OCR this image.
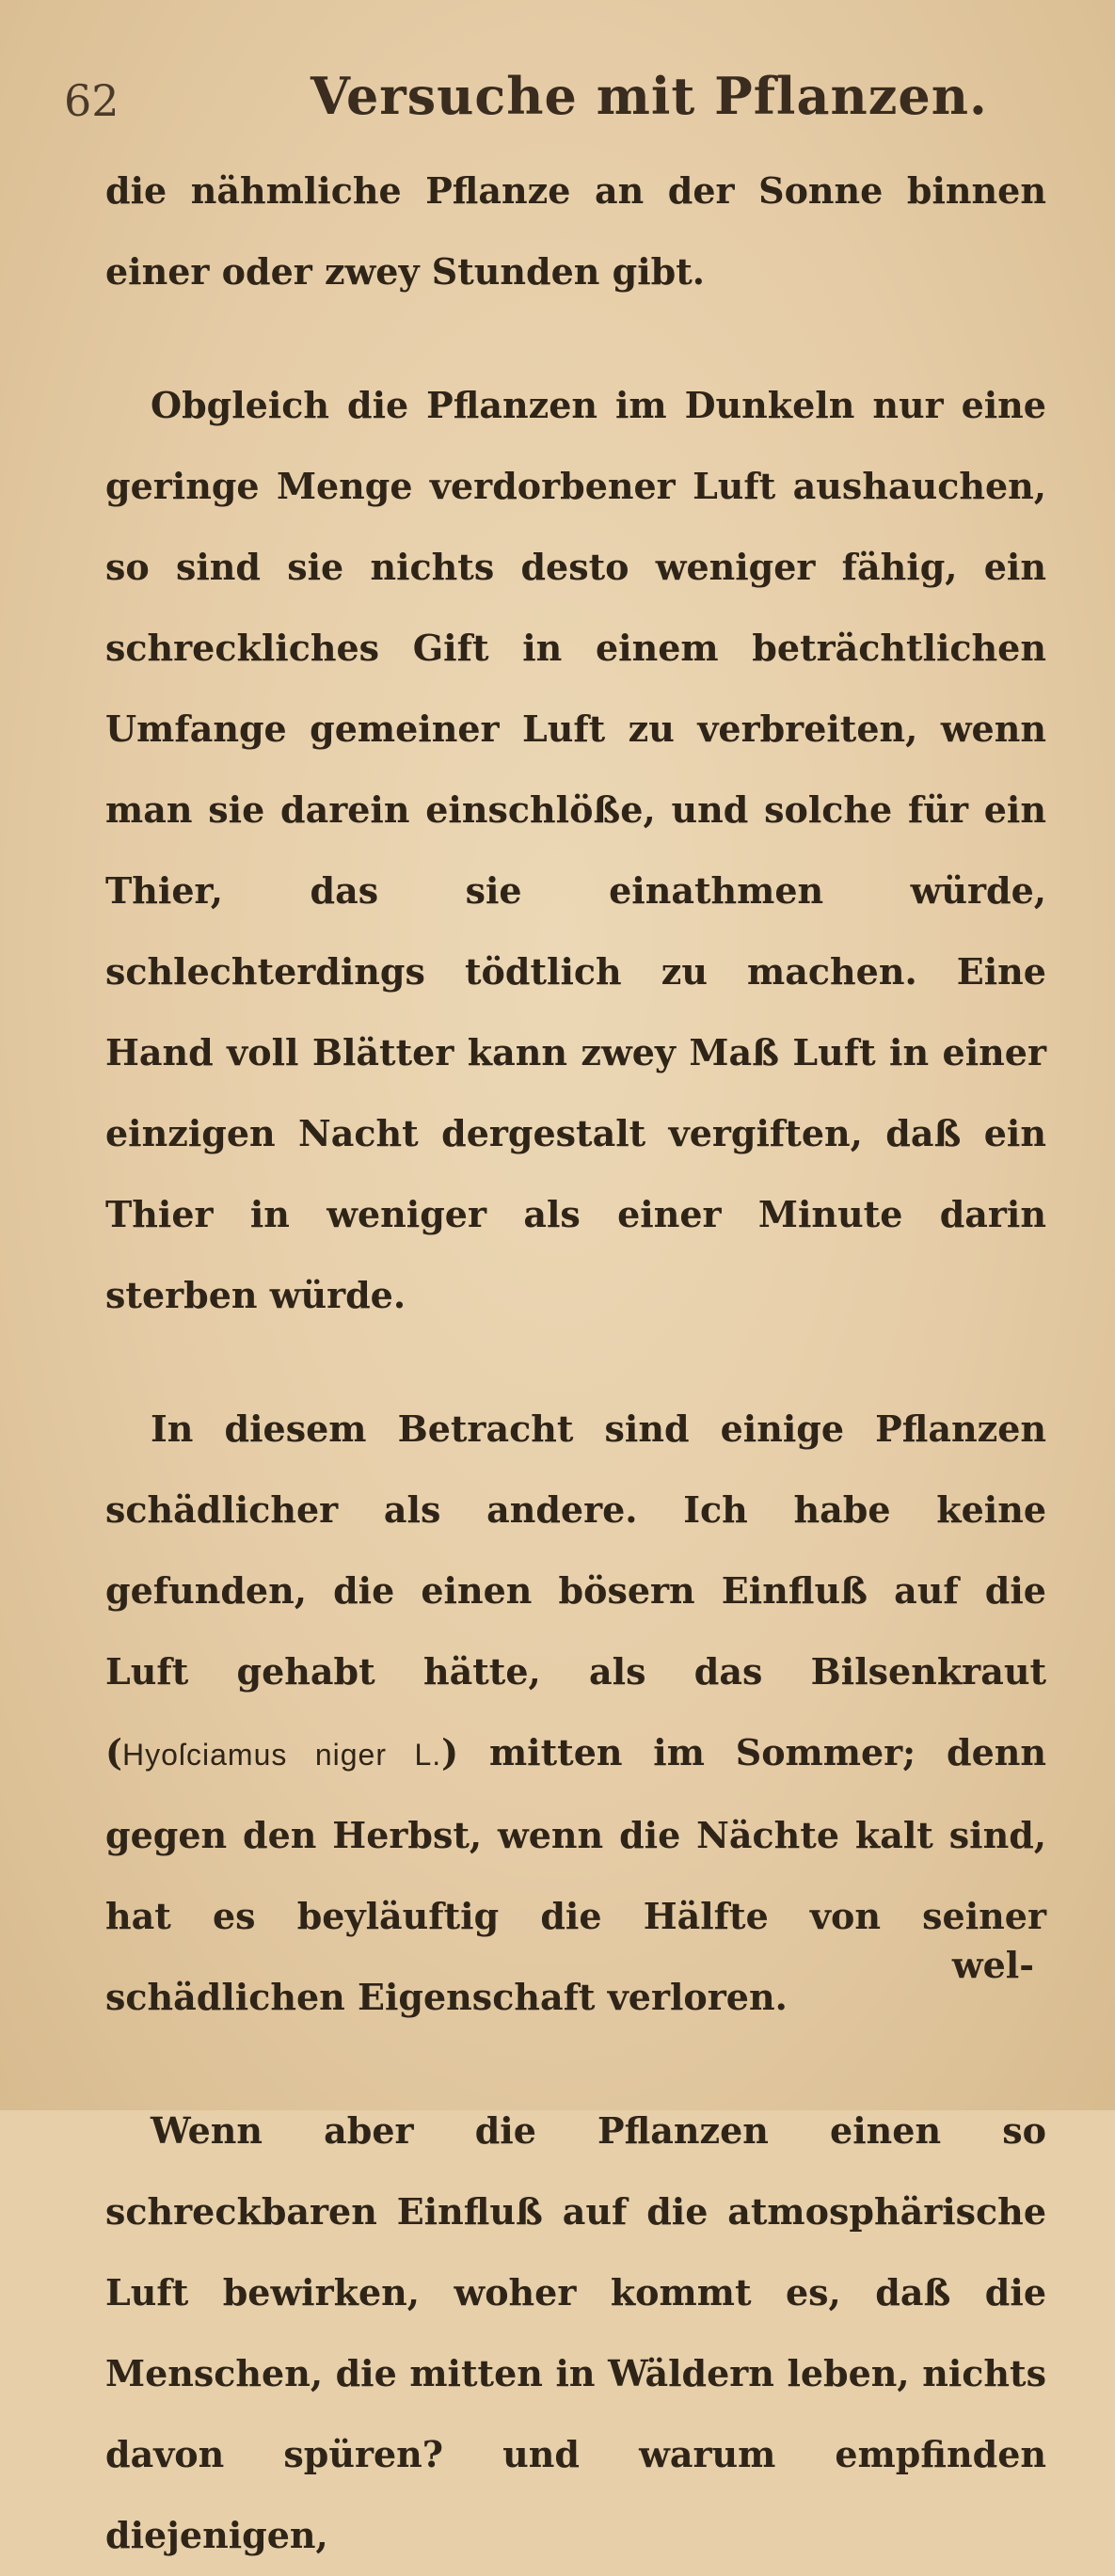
62	Versuche mit Pflanzen.

die nähmliche Pflanze an der Sonne binnen einer oder zwey Stunden gibt.

Obgleich die Pflanzen im Dunkeln nur eine geringe Menge verdorbener Luft aushauchen, so sind sie nichts desto weniger fähig, ein schreckliches Gift in einem beträchtlichen Umfange gemeiner Luft zu verbreiten, wenn man sie darein einschlöße, und solche für ein Thier, das sie einathmen würde, schlechterdings tödtlich zu machen. Eine Hand voll Blätter kann zwey Maß Luft in einer einzigen Nacht dergestalt vergiften, daß ein Thier in weniger als einer Minute darin sterben würde.

In diesem Betracht sind einige Pflanzen schädlicher als andere. Ich habe keine gefunden, die einen bösern Einfluß auf die Luft gehabt hätte, als das Bilsenkraut (Hyoſciamus niger L.) mitten im Sommer; denn gegen den Herbst, wenn die Nächte kalt sind, hat es beyläuftig die Hälfte von seiner schädlichen Eigenschaft verloren.

Wenn aber die Pflanzen einen so schreckbaren Einfluß auf die atmosphärische Luft bewirken, woher kommt es, daß die Menschen, die mitten in Wäldern leben, nichts davon spüren? und warum empfinden diejenigen,

wel-
